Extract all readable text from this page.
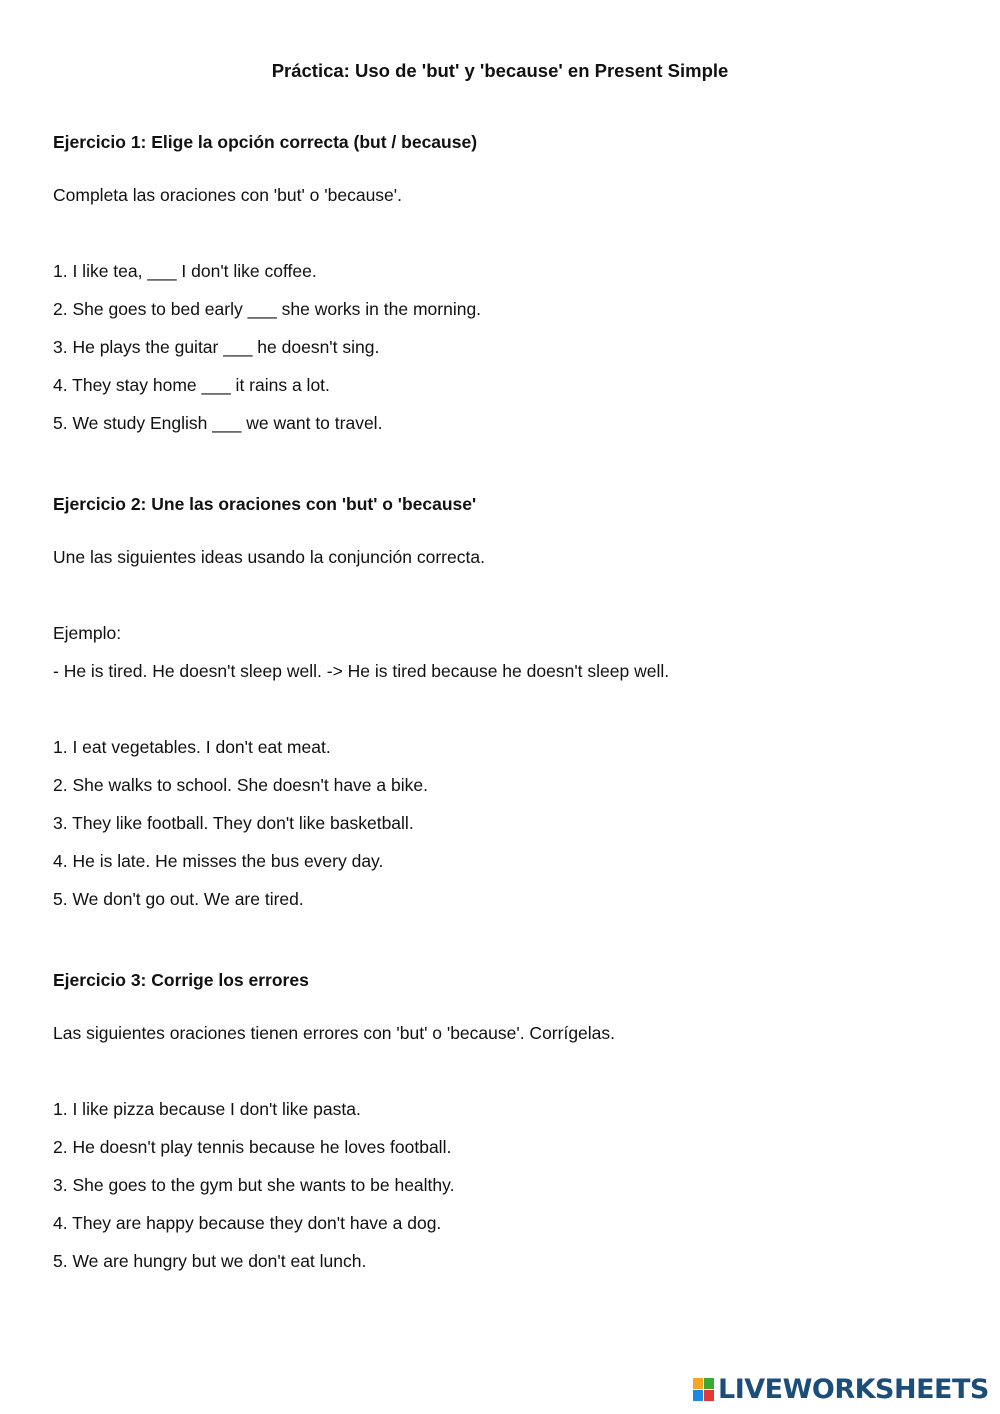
Práctica: Uso de 'but' y 'because' en Present Simple
Ejercicio 1: Elige la opción correcta (but / because)
Completa las oraciones con 'but' o 'because'.
1. I like tea, ___ I don't like coffee.
2. She goes to bed early ___ she works in the morning.
3. He plays the guitar ___ he doesn't sing.
4. They stay home ___ it rains a lot.
5. We study English ___ we want to travel.
Ejercicio 2: Une las oraciones con 'but' o 'because'
Une las siguientes ideas usando la conjunción correcta.
Ejemplo:
- He is tired. He doesn't sleep well. -> He is tired because he doesn't sleep well.
1. I eat vegetables. I don't eat meat.
2. She walks to school. She doesn't have a bike.
3. They like football. They don't like basketball.
4. He is late. He misses the bus every day.
5. We don't go out. We are tired.
Ejercicio 3: Corrige los errores
Las siguientes oraciones tienen errores con 'but' o 'because'. Corrígelas.
1. I like pizza because I don't like pasta.
2. He doesn't play tennis because he loves football.
3. She goes to the gym but she wants to be healthy.
4. They are happy because they don't have a dog.
5. We are hungry but we don't eat lunch.
LIVEWORKSHEETS
